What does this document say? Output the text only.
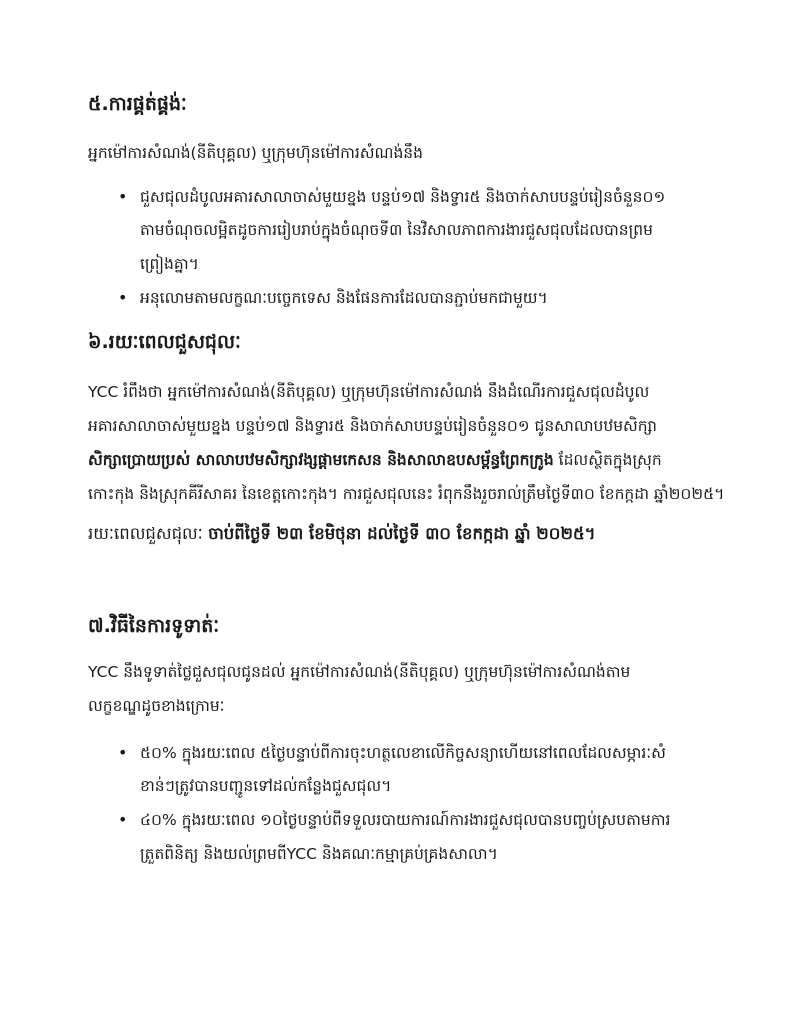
៥.ការផ្គត់ផ្គង់ៈ
អ្នកម៉ៅការសំណង់(នីតិបុគ្គល) ឬក្រុមហ៊ុនម៉ៅការសំណង់នឹង
• ជួសជុលដំបូលអគារសាលាចាស់មួយខ្នង បន្ទប់១៧ និងទ្វារ៥ និងចាក់សាបបន្ទប់រៀនចំនួន០១
តាមចំណុចលម្អិតដូចការរៀបរាប់ក្នុងចំណុចទី៣ នៃវិសាលភាពការងារជួសជុលដែលបានព្រម
ព្រៀងគ្នា។
• អនុលោមតាមលក្ខណៈបច្ចេកទេស និងផែនការដែលបានភ្ជាប់មកជាមួយ។
៦.រយៈពេលជួសជុលៈ
YCC រំពឹងថា អ្នកម៉ៅការសំណង់(នីតិបុគ្គល) ឬក្រុមហ៊ុនម៉ៅការសំណង់ នឹងដំណើរការជួសជុលដំបូល
អគារសាលាចាស់មួយខ្នង បន្ទប់១៧ និងទ្វារ៥ និងចាក់សាបបន្ទប់រៀនចំនួន០១ ជូនសាលាបឋមសិក្សា
សិក្សាប្រោយប្រស់ សាលាបឋមសិក្សាវង្សផ្ដាមកេសន និងសាលាឧបសម្ព័ន្ធព្រែកក្រូង ដែលស្ថិតក្នុងស្រុក
កោះកុង និងស្រុកគីរីសាគរ នៃខេត្តកោះកុង។ ការជួសជុលនេះ រំពុកនឹងរួចរាល់ត្រឹមថ្ងៃទី៣០ ខែកក្កដា ឆ្នាំ២០២៥។
រយៈពេលជួសជុលៈ ចាប់ពីថ្ងៃទី ២៣ ខែមិថុនា ដល់ថ្ងៃទី ៣០ ខែកក្កដា ឆ្នាំ ២០២៥។
៧.វិធីនៃការទូទាត់ៈ
YCC នឹងទូទាត់ថ្លៃជួសជុលជូនដល់ អ្នកម៉ៅការសំណង់(នីតិបុគ្គល) ឬក្រុមហ៊ុនម៉ៅការសំណង់តាម
លក្ខខណ្ឌដូចខាងក្រោមៈ
• ៥០% ក្នុងរយៈពេល ៥ថ្ងៃបន្ទាប់ពីការចុះហត្ថលេខាលើកិច្ចសន្យាហើយនៅពេលដែលសម្ភារៈសំ
ខាន់ៗត្រូវបានបញ្ជូនទៅដល់កន្លែងជួសជុល។
• ៤០% ក្នុងរយៈពេល ១០ថ្ងៃបន្ទាប់ពីទទួលរបាយការណ៍ការងារជួសជុលបានបញ្ចប់ស្របតាមការ
ត្រួតពិនិត្យ និងយល់ព្រមពីYCC និងគណៈកម្មាគ្រប់គ្រងសាលា។
